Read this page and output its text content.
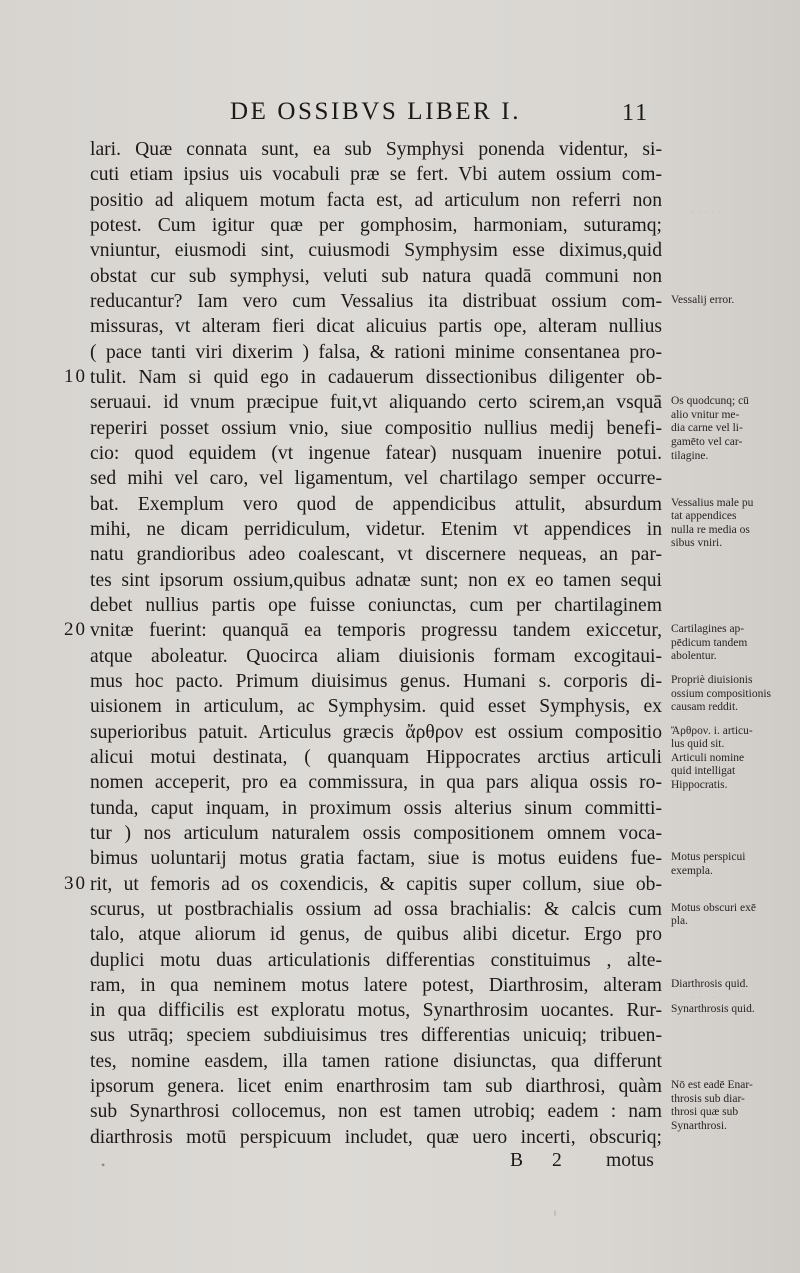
DE OSSIBVS LIBER I.	11
lari. Quæ connata sunt, ea sub Symphysi ponenda videntur, si-
cuti etiam ipsius uis vocabuli præ se fert. Vbi autem ossium com-
positio ad aliquem motum facta est, ad articulum non referri non
potest. Cum igitur quæ per gomphosim, harmoniam, suturamq;
vniuntur, eiusmodi sint, cuiusmodi Symphysim esse diximus,quid
obstat cur sub symphysi, veluti sub natura quadā communi non
reducantur? Iam vero cum Vessalius ita distribuat ossium com-
missuras, vt alteram fieri dicat alicuius partis ope, alteram nullius
( pace tanti viri dixerim ) falsa, & rationi minime consentanea pro-
tulit. Nam si quid ego in cadauerum dissectionibus diligenter ob-
seruaui. id vnum præcipue fuit,vt aliquando certo scirem,an vsquā
reperiri posset ossium vnio, siue compositio nullius medij benefi-
cio: quod equidem (vt ingenue fatear) nusquam inuenire potui.
sed mihi vel caro, vel ligamentum, vel chartilago semper occurre-
bat. Exemplum vero quod de appendicibus attulit, absurdum
mihi, ne dicam perridiculum, videtur. Etenim vt appendices in
natu grandioribus adeo coalescant, vt discernere nequeas, an par-
tes sint ipsorum ossium,quibus adnatæ sunt; non ex eo tamen sequi
debet nullius partis ope fuisse coniunctas, cum per chartilaginem
vnitæ fuerint: quanquā ea temporis progressu tandem exiccetur,
atque aboleatur. Quocirca aliam diuisionis formam excogitaui-
mus hoc pacto. Primum diuisimus genus. Humani s. corporis di-
uisionem in articulum, ac Symphysim. quid esset Symphysis, ex
superioribus patuit. Articulus græcis ἄρθρον est ossium compositio
alicui motui destinata, ( quanquam Hippocrates arctius articuli
nomen acceperit, pro ea commissura, in qua pars aliqua ossis ro-
tunda, caput inquam, in proximum ossis alterius sinum committi-
tur ) nos articulum naturalem ossis compositionem omnem voca-
bimus uoluntarij motus gratia factam, siue is motus euidens fue-
rit, ut femoris ad os coxendicis, & capitis super collum, siue ob-
scurus, ut postbrachialis ossium ad ossa brachialis: & calcis cum
talo, atque aliorum id genus, de quibus alibi dicetur. Ergo pro
duplici motu duas articulationis differentias constituimus , alte-
ram, in qua neminem motus latere potest, Diarthrosim, alteram
in qua difficilis est exploratu motus, Synarthrosim uocantes. Rur-
sus utrāq; speciem subdiuisimus tres differentias unicuiq; tribuen-
tes, nomine easdem, illa tamen ratione disiunctas, qua differunt
ipsorum genera. licet enim enarthrosim tam sub diarthrosi, quàm
sub Synarthrosi collocemus, non est tamen utrobiq; eadem : nam
diarthrosis motū perspicuum includet, quæ uero incerti, obscuriq;
10
20
30
Vessalij error.
Os quodcunq; cū
alio vnitur me-
dia carne vel li-
gamēto vel car-
tilagine.
Vessalius male pu
tat appendices
nulla re media os
sibus vniri.
Cartilagines ap-
pēdicum tandem
abolentur.
Propriè diuisionis
ossium compositionis
causam reddit.
Ἄρθρον. i. articu-
lus quid sit.
Articuli nomine
quid intelligat
Hippocratis.
Motus perspicui
exempla.
Motus obscuri exē
pla.
Diarthrosis quid.
Synarthrosis quid.
Nō est eadē Enar-
throsis sub diar-
throsi quæ sub
Synarthrosi.
B 2 motus
· · · · ·
· · · ·
•
ˡ
